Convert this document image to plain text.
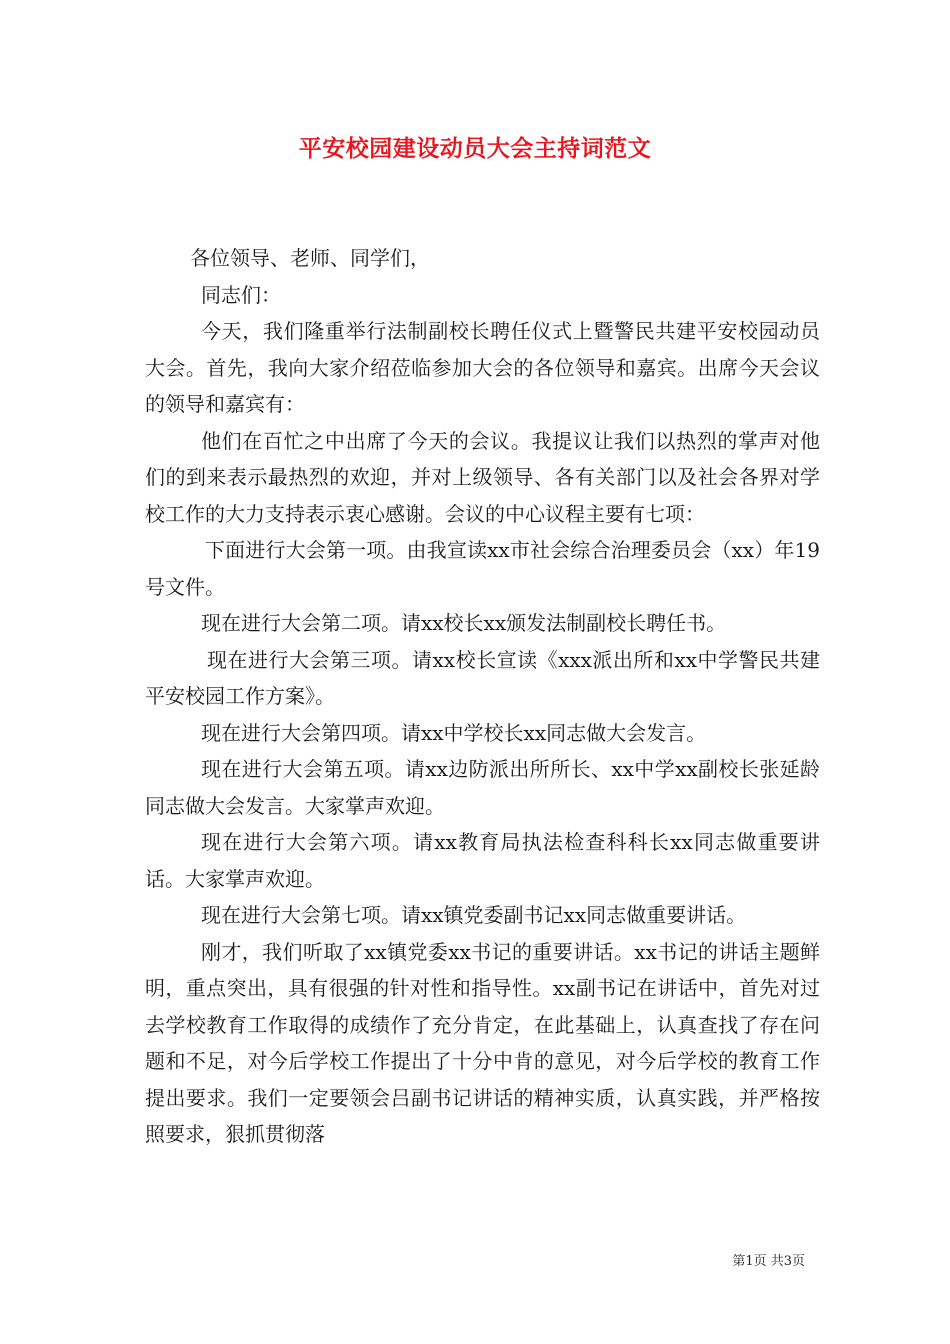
平安校园建设动员大会主持词范文

各位领导、老师、同学们，

同志们：

今天，我们隆重举行法制副校长聘任仪式上暨警民共建平安校园动员大会。首先，我向大家介绍莅临参加大会的各位领导和嘉宾。出席今天会议的领导和嘉宾有：

他们在百忙之中出席了今天的会议。我提议让我们以热烈的掌声对他们的到来表示最热烈的欢迎，并对上级领导、各有关部门以及社会各界对学校工作的大力支持表示衷心感谢。会议的中心议程主要有七项：

下面进行大会第一项。由我宣读xx市社会综合治理委员会（xx）年19号文件。

现在进行大会第二项。请xx校长xx颁发法制副校长聘任书。

现在进行大会第三项。请xx校长宣读《xxx派出所和xx中学警民共建平安校园工作方案》。

现在进行大会第四项。请xx中学校长xx同志做大会发言。

现在进行大会第五项。请xx边防派出所所长、xx中学xx副校长张延龄同志做大会发言。大家掌声欢迎。

现在进行大会第六项。请xx教育局执法检查科科长xx同志做重要讲话。大家掌声欢迎。

现在进行大会第七项。请xx镇党委副书记xx同志做重要讲话。

刚才，我们听取了xx镇党委xx书记的重要讲话。xx书记的讲话主题鲜明，重点突出，具有很强的针对性和指导性。xx副书记在讲话中，首先对过去学校教育工作取得的成绩作了充分肯定，在此基础上，认真查找了存在问题和不足，对今后学校工作提出了十分中肯的意见，对今后学校的教育工作提出要求。我们一定要领会吕副书记讲话的精神实质，认真实践，并严格按照要求，狠抓贯彻落

第1页 共3页
